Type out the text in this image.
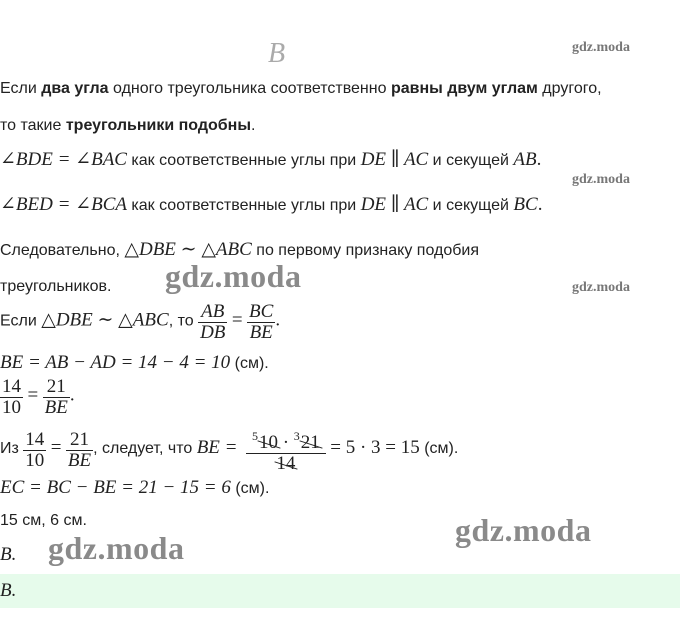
B	gdz.moda
gdz.moda
gdz.moda
gdz.moda
gdz.moda
gdz.moda
Если два угла одного треугольника соответственно равны двум углам другого,
то такие треугольники подобны.
∠BDE = ∠BAC как соответственные углы при DE ∥ AC и секущей AB.
∠BED = ∠BCA как соответственные углы при DE ∥ AC и секущей BC.
Следовательно, △DBE ∼ △ABC по первому признаку подобия
треугольников.
Если △DBE ∼ △ABC, то $\frac{AB}{DB} = \frac{BC}{BE}$ .
BE = AB − AD = 14 − 4 = 10 (см).
$\frac{14}{10} = \frac{21}{BE}$ .
Из $\frac{14}{10} = \frac{21}{BE}$ , следует, что BE = $\frac{^510 \cdot ^321}{14} = 5 \cdot 3 = 15$ (см).
EC = BC − BE = 21 − 15 = 6 (см).
15 см, 6 см.
B.
B.
